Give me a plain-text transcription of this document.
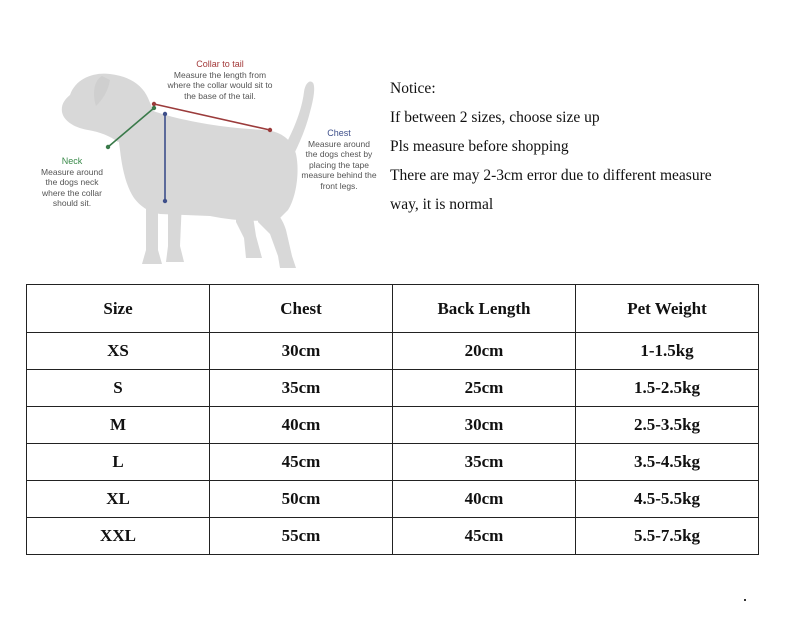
Collar to tail
Measure the length from
where the collar would sit to
the base of the tail.
Chest
Measure around
the dogs chest by
placing the tape
measure behind the
front legs.
Neck
Measure around
the dogs neck
where the collar
should sit.
Notice:
If between 2 sizes, choose size up
Pls measure before shopping
There are may 2-3cm error due to different measure
way, it is normal
Size	Chest	Back Length	Pet Weight
XS	30cm	20cm	1-1.5kg
S	35cm	25cm	1.5-2.5kg
M	40cm	30cm	2.5-3.5kg
L	45cm	35cm	3.5-4.5kg
XL	50cm	40cm	4.5-5.5kg
XXL	55cm	45cm	5.5-7.5kg
